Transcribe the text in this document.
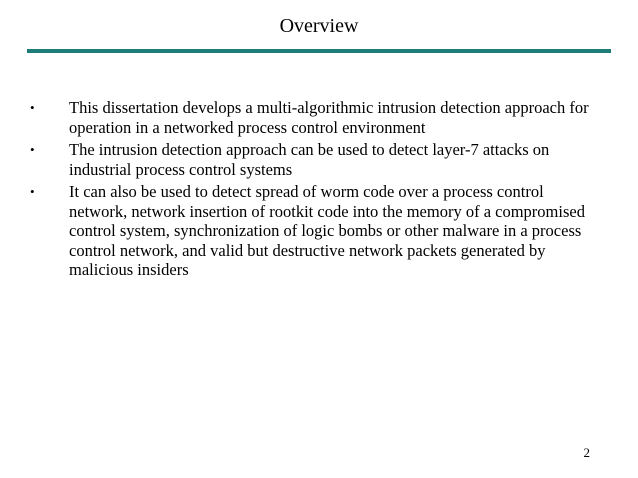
Overview
• This dissertation develops a multi-algorithmic intrusion detection approach for operation in a networked process control environment
• The intrusion detection approach can be used to detect layer-7 attacks on industrial process control systems
• It can also be used to detect spread of worm code over a process control network, network insertion of rootkit code into the memory of a compromised control system, synchronization of logic bombs or other malware in a process control network, and valid but destructive network packets generated by malicious insiders
2
